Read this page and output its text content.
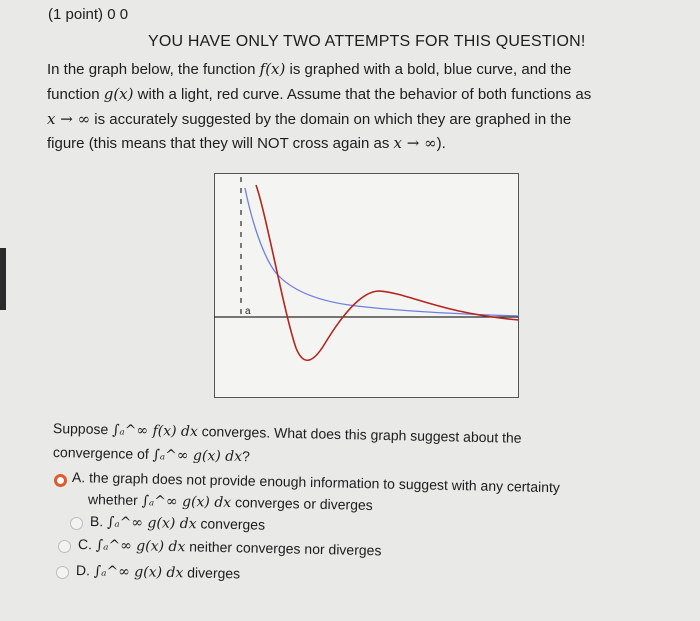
(1 point) 0 0
YOU HAVE ONLY TWO ATTEMPTS FOR THIS QUESTION!
In the graph below, the function f(x) is graphed with a bold, blue curve, and the
function g(x) with a light, red curve. Assume that the behavior of both functions as
x → ∞ is accurately suggested by the domain on which they are graphed in the
figure (this means that they will NOT cross again as x → ∞).
a
Suppose ∫ₐ^∞ f(x) dx converges. What does this graph suggest about the
convergence of ∫ₐ^∞ g(x) dx?
A. the graph does not provide enough information to suggest with any certainty
whether ∫ₐ^∞ g(x) dx converges or diverges
B. ∫ₐ^∞ g(x) dx converges
C. ∫ₐ^∞ g(x) dx neither converges nor diverges
D. ∫ₐ^∞ g(x) dx diverges
